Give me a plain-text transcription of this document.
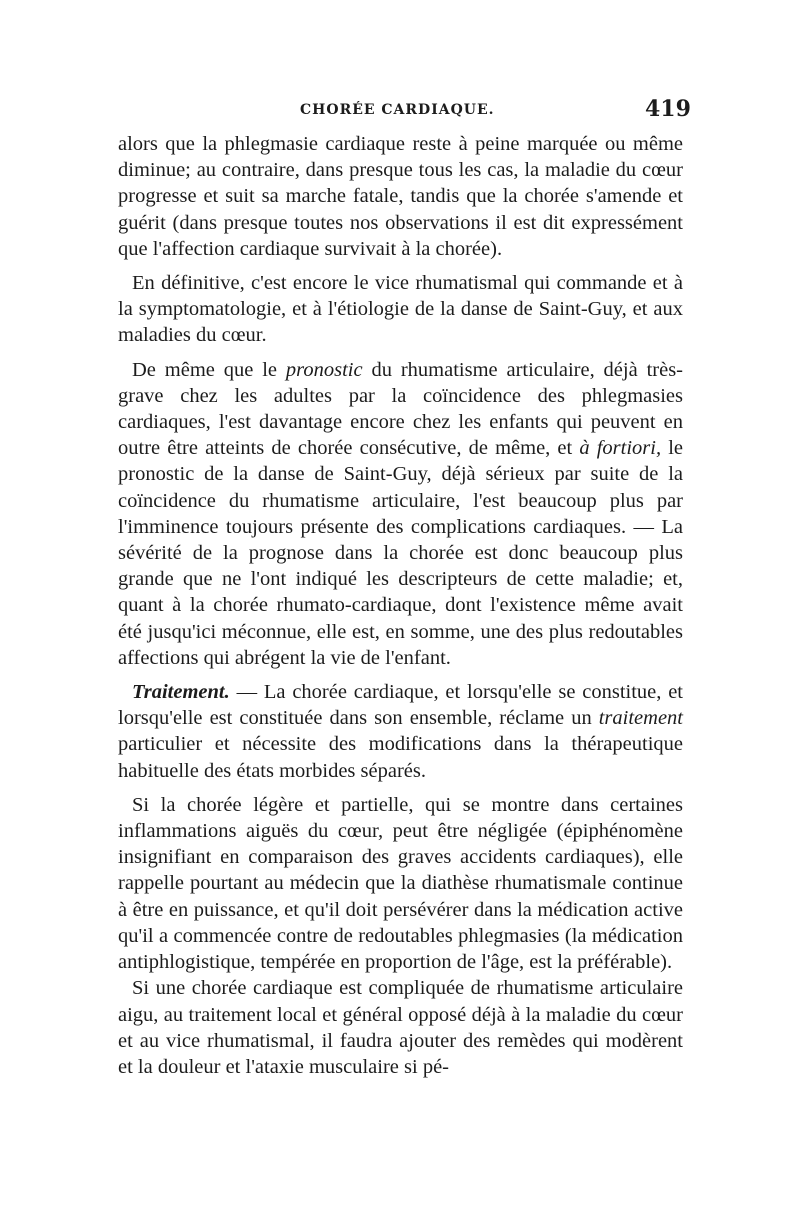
CHORÉE CARDIAQUE.	419

alors que la phlegmasie cardiaque reste à peine marquée ou même diminue; au contraire, dans presque tous les cas, la maladie du cœur progresse et suit sa marche fatale, tandis que la chorée s'amende et guérit (dans presque toutes nos observations il est dit expressément que l'affection cardiaque survivait à la chorée).

En définitive, c'est encore le vice rhumatismal qui commande et à la symptomatologie, et à l'étiologie de la danse de Saint-Guy, et aux maladies du cœur.

De même que le pronostic du rhumatisme articulaire, déjà très-grave chez les adultes par la coïncidence des phlegmasies cardiaques, l'est davantage encore chez les enfants qui peuvent en outre être atteints de chorée consécutive, de même, et à fortiori, le pronostic de la danse de Saint-Guy, déjà sérieux par suite de la coïncidence du rhumatisme articulaire, l'est beaucoup plus par l'imminence toujours présente des complications cardiaques. — La sévérité de la prognose dans la chorée est donc beaucoup plus grande que ne l'ont indiqué les descripteurs de cette maladie; et, quant à la chorée rhumato-cardiaque, dont l'existence même avait été jusqu'ici méconnue, elle est, en somme, une des plus redoutables affections qui abrégent la vie de l'enfant.

Traitement. — La chorée cardiaque, et lorsqu'elle se constitue, et lorsqu'elle est constituée dans son ensemble, réclame un traitement particulier et nécessite des modifications dans la thérapeutique habituelle des états morbides séparés.

Si la chorée légère et partielle, qui se montre dans certaines inflammations aiguës du cœur, peut être négligée (épiphénomène insignifiant en comparaison des graves accidents cardiaques), elle rappelle pourtant au médecin que la diathèse rhumatismale continue à être en puissance, et qu'il doit persévérer dans la médication active qu'il a commencée contre de redoutables phlegmasies (la médication antiphlogistique, tempérée en proportion de l'âge, est la préférable).

Si une chorée cardiaque est compliquée de rhumatisme articulaire aigu, au traitement local et général opposé déjà à la maladie du cœur et au vice rhumatismal, il faudra ajouter des remèdes qui modèrent et la douleur et l'ataxie musculaire si pé-
